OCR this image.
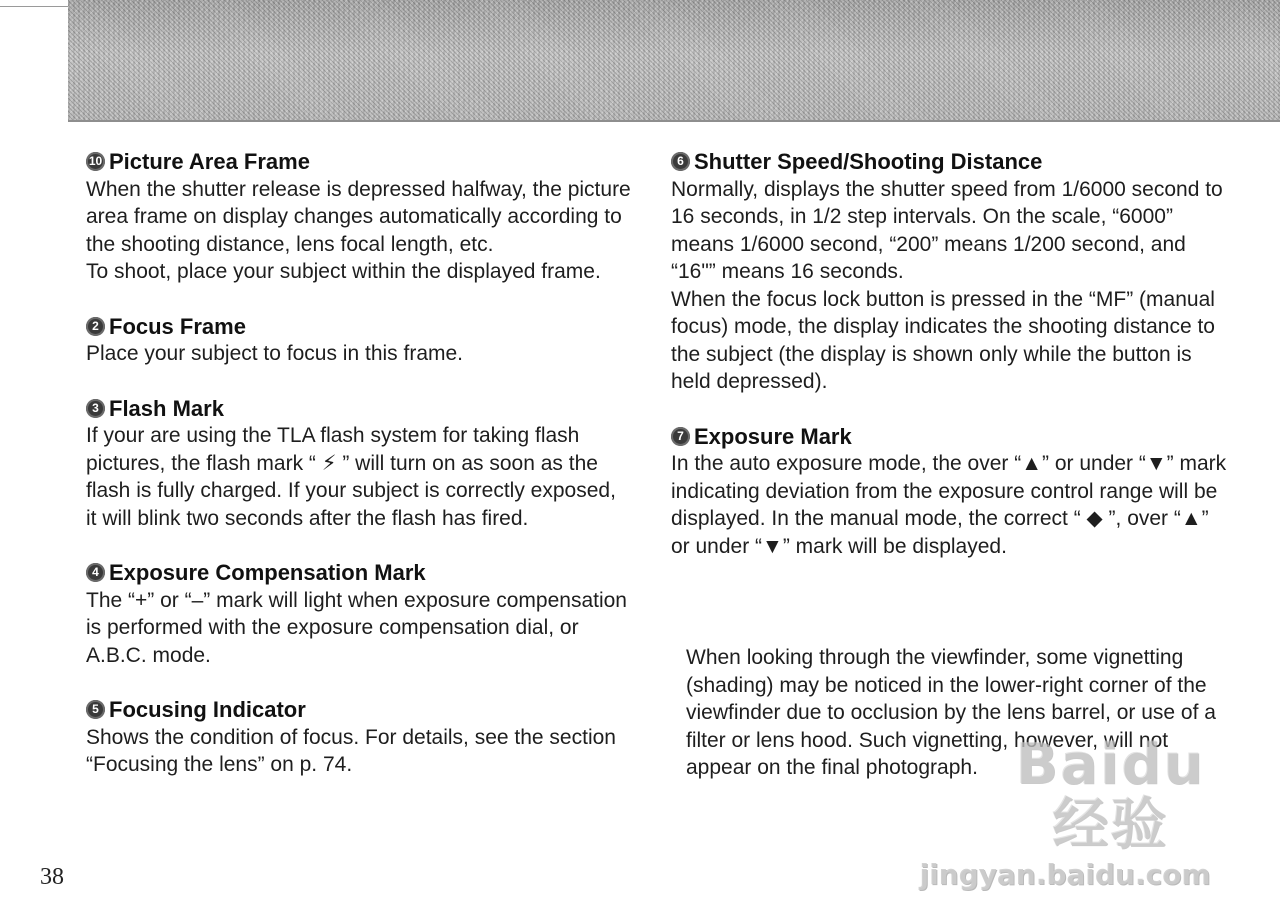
10 Picture Area Frame

When the shutter release is depressed halfway, the picture area frame on display changes automatically according to the shooting distance, lens focal length, etc.

To shoot, place your subject within the displayed frame.

2 Focus Frame

Place your subject to focus in this frame.

3 Flash Mark

If your are using the TLA flash system for taking flash pictures, the flash mark “ ⚡ ” will turn on as soon as the flash is fully charged. If your subject is correctly exposed, it will blink two seconds after the flash has fired.

4 Exposure Compensation Mark

The “+” or “–” mark will light when exposure compensation is performed with the exposure compensation dial, or A.B.C. mode.

5 Focusing Indicator

Shows the condition of focus. For details, see the section “Focusing the lens” on p. 74.

6 Shutter Speed/Shooting Distance

Normally, displays the shutter speed from 1/6000 second to 16 seconds, in 1/2 step intervals. On the scale, “6000” means 1/6000 second, “200” means 1/200 second, and “16"” means 16 seconds.

When the focus lock button is pressed in the “MF” (manual focus) mode, the display indicates the shooting distance to the subject (the display is shown only while the button is held depressed).

7 Exposure Mark

In the auto exposure mode, the over “▲” or under “▼” mark indicating deviation from the exposure control range will be displayed. In the manual mode, the correct “ ◆ ”, over “▲” or under “▼” mark will be displayed.

When looking through the viewfinder, some vignetting (shading) may be noticed in the lower-right corner of the viewfinder due to occlusion by the lens barrel, or use of a filter or lens hood. Such vignetting, however, will not appear on the final photograph. Baidu 经验
jingyan.baidu.com
38
